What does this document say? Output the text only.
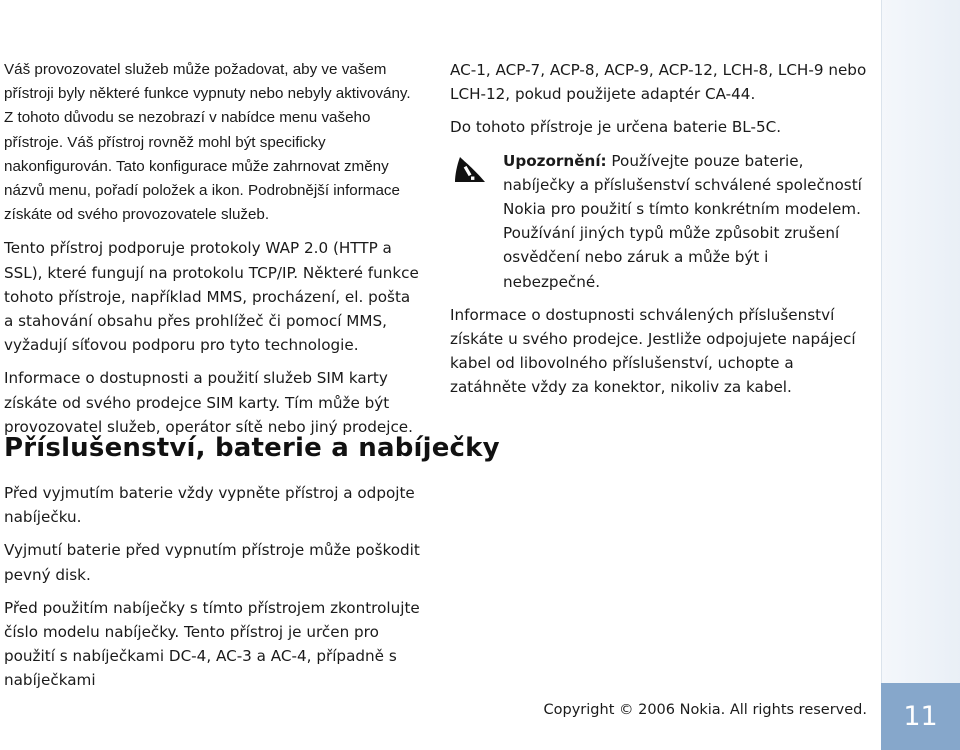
Váš provozovatel služeb může požadovat, aby ve vašem přístroji byly některé funkce vypnuty nebo nebyly aktivovány. Z tohoto důvodu se nezobrazí v nabídce menu vašeho přístroje. Váš přístroj rovněž mohl být specificky nakonfigurován. Tato konfigurace může zahrnovat změny názvů menu, pořadí položek a ikon. Podrobnější informace získáte od svého provozovatele služeb.

Tento přístroj podporuje protokoly WAP 2.0 (HTTP a SSL), které fungují na protokolu TCP/IP. Některé funkce tohoto přístroje, například MMS, procházení, el. pošta a stahování obsahu přes prohlížeč či pomocí MMS, vyžadují síťovou podporu pro tyto technologie.

Informace o dostupnosti a použití služeb SIM karty získáte od svého prodejce SIM karty. Tím může být provozovatel služeb, operátor sítě nebo jiný prodejce.

Příslušenství, baterie a nabíječky

Před vyjmutím baterie vždy vypněte přístroj a odpojte nabíječku.

Vyjmutí baterie před vypnutím přístroje může poškodit pevný disk.

Před použitím nabíječky s tímto přístrojem zkontrolujte číslo modelu nabíječky. Tento přístroj je určen pro použití s nabíječkami DC-4, AC-3 a AC-4, případně s nabíječkami

AC-1, ACP-7, ACP-8, ACP-9, ACP-12, LCH-8, LCH-9 nebo LCH-12, pokud použijete adaptér CA-44.

Do tohoto přístroje je určena baterie BL-5C.

Upozornění: Používejte pouze baterie, nabíječky a příslušenství schválené společností Nokia pro použití s tímto konkrétním modelem. Používání jiných typů může způsobit zrušení osvědčení nebo záruk a může být i nebezpečné.

Informace o dostupnosti schválených příslušenství získáte u svého prodejce. Jestliže odpojujete napájecí kabel od libovolného příslušenství, uchopte a zatáhněte vždy za konektor, nikoliv za kabel.

Copyright © 2006 Nokia. All rights reserved.	11
